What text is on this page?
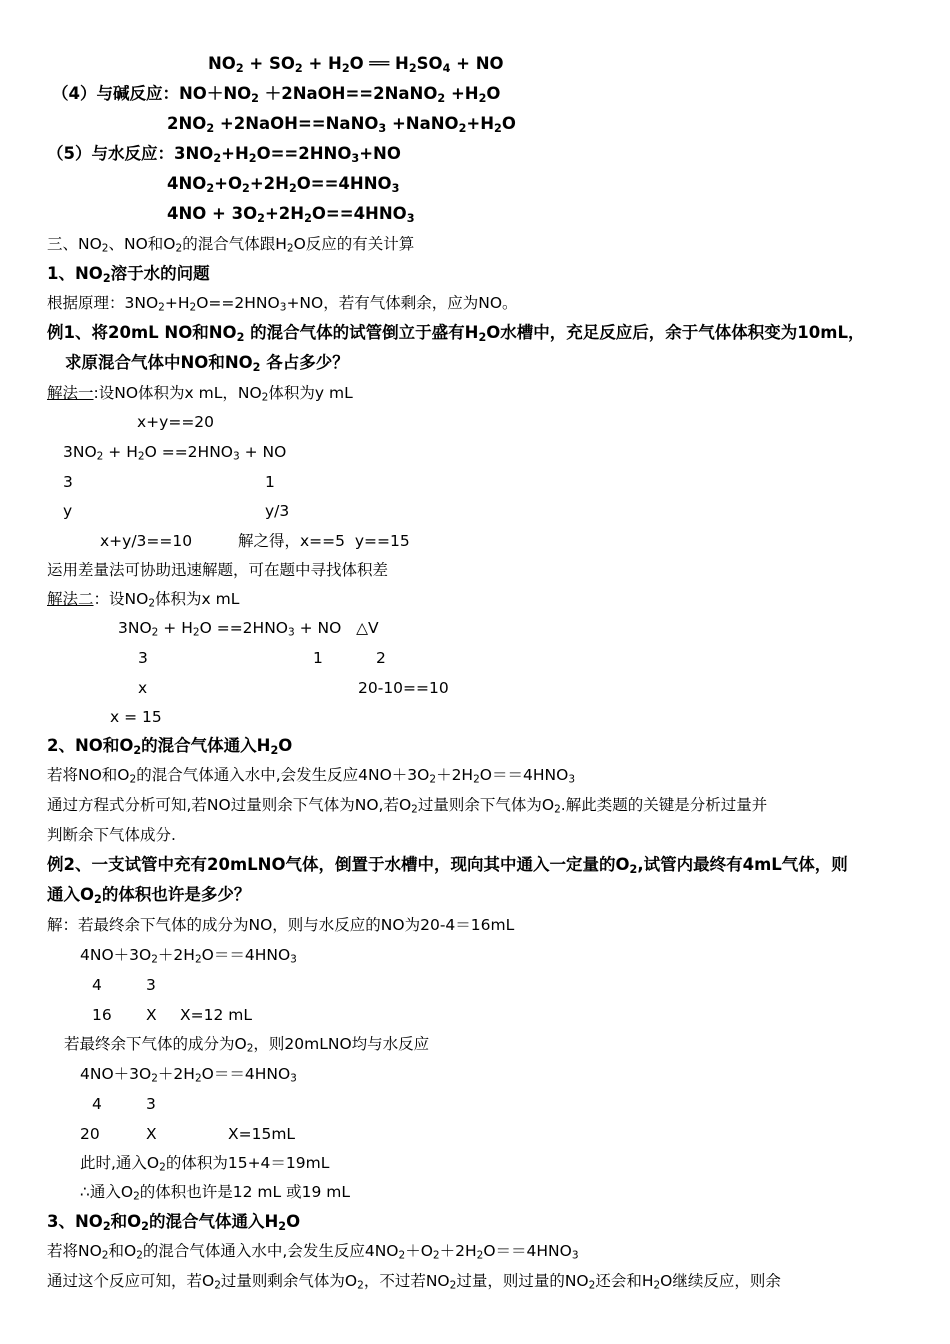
$NO_2 + SO_2 + H_2O$ ══ $H_2SO_4$ + NO
（4）与碱反应：$NO+NO_2$ ＋2NaOH==2NaNO$_2$ $+H_2O$
$2NO_2$ +2NaOH==NaNO$_3$ $+NaNO_2+H_2O$
（5）与水反应：$3NO_2+H_2O==2HNO_3+NO$
$4NO_2+O_2+2H_2O==4HNO_3$
$4NO + 3O_2+2H_2O==4HNO_3$
三、$NO_2$、NO和$O_2$的混合气体跟$H_2O$反应的有关计算
1、$NO_2$溶于水的问题
根据原理：$3NO_2+H_2O==2HNO_3+NO$，若有气体剩余，应为NO。
例1、将20mL NO和$NO_2$ 的混合气体的试管倒立于盛有$H_2O$水槽中，充足反应后，余于气体体积变为10mL，
求原混合气体中NO和$NO_2$ 各占多少？
解法一:设NO体积为x mL，$NO_2$体积为y mL
x+y==20
$3NO_2 + H_2O ==2HNO_3$ + NO
3	1
y	y/3
x+y/3==10	解之得，x==5  y==15
运用差量法可协助迅速解题，可在题中寻找体积差
解法二：设$NO_2$体积为x mL
$3NO_2 + H_2O ==2HNO_3$ + NO   △V
3	1	2
x	20-10==10
x = 15
2、NO和$O_2$的混合气体通入$H_2O$
若将NO和$O_2$的混合气体通入水中,会发生反应$4NO+3O_2+2H_2O==4HNO_3$
通过方程式分析可知,若NO过量则余下气体为NO,若$O_2$过量则余下气体为$O_2$.解此类题的关键是分析过量并
判断余下气体成分.
例2、一支试管中充有20mLNO气体，倒置于水槽中，现向其中通入一定量的$O_2$,试管内最终有4mL气体，则
通入$O_2$的体积也许是多少？
解：若最终余下气体的成分为NO，则与水反应的NO为20-4＝16mL
$4NO+3O_2+2H_2O==4HNO_3$
4	3
16 X X=12 mL
若最终余下气体的成分为$O_2$，则20mLNO均与水反应
$4NO+3O_2+2H_2O==4HNO_3$
4	3
20	X	X=15mL
此时,通入$O_2$的体积为15+4＝19mL
∴通入$O_2$的体积也许是12 mL 或19 mL
3、$NO_2$和$O_2$的混合气体通入$H_2O$
若将$NO_2$和$O_2$的混合气体通入水中,会发生反应$4NO_2+O_2+2H_2O==4HNO_3$
通过这个反应可知，若$O_2$过量则剩余气体为$O_2$，不过若$NO_2$过量，则过量的$NO_2$还会和$H_2O$继续反应，则余
